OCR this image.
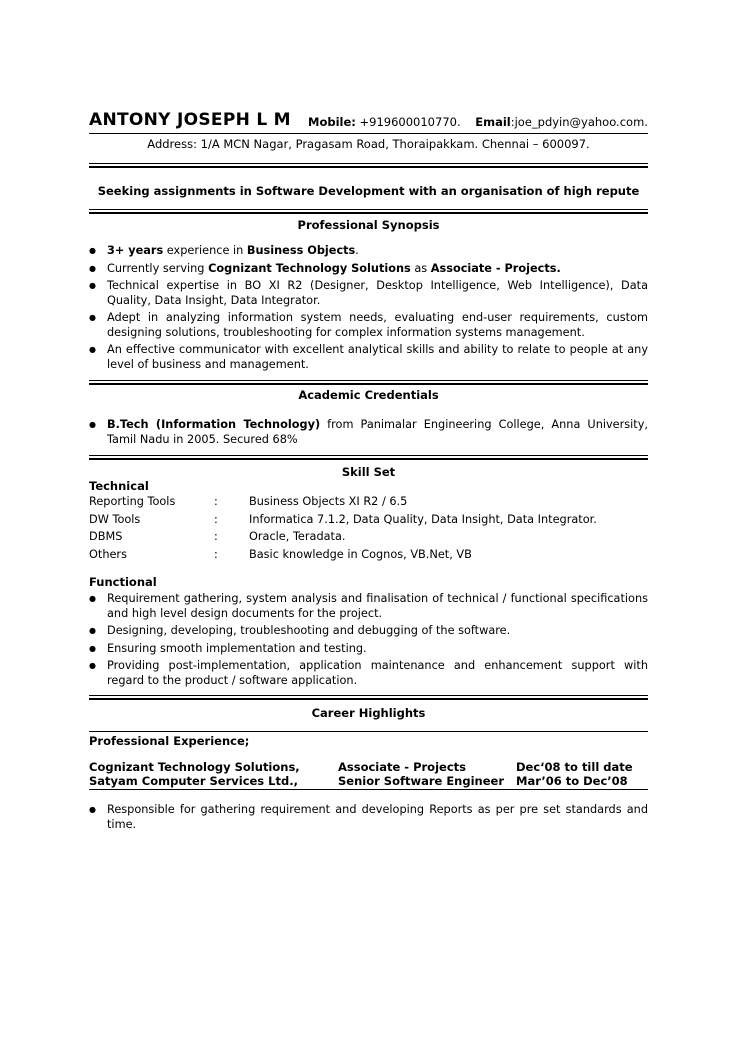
ANTONY JOSEPH L M Mobile: +919600010770. Email:joe_pdyin@yahoo.com.
Address: 1/A MCN Nagar, Pragasam Road, Thoraipakkam. Chennai – 600097.
Seeking assignments in Software Development with an organisation of high repute
Professional Synopsis
● 3+ years experience in Business Objects.
● Currently serving Cognizant Technology Solutions as Associate - Projects.
● Technical expertise in BO XI R2 (Designer, Desktop Intelligence, Web Intelligence), Data Quality, Data Insight, Data Integrator.
● Adept in analyzing information system needs, evaluating end-user requirements, custom designing solutions, troubleshooting for complex information systems management.
● An effective communicator with excellent analytical skills and ability to relate to people at any level of business and management.
Academic Credentials
● B.Tech (Information Technology) from Panimalar Engineering College, Anna University, Tamil Nadu in 2005. Secured 68%
Skill Set
Technical
Reporting Tools	:	Business Objects XI R2 / 6.5
DW Tools	:	Informatica 7.1.2, Data Quality, Data Insight, Data Integrator.
DBMS	:	Oracle, Teradata.
Others	:	Basic knowledge in Cognos, VB.Net, VB
Functional
● Requirement gathering, system analysis and finalisation of technical / functional specifications and high level design documents for the project.
● Designing, developing, troubleshooting and debugging of the software.
● Ensuring smooth implementation and testing.
● Providing post-implementation, application maintenance and enhancement support with regard to the product / software application.
Career Highlights
Professional Experience;
Cognizant Technology Solutions,	Associate - Projects	Dec‘08 to till date
Satyam Computer Services Ltd.,	Senior Software Engineer	Mar’06 to Dec’08
● Responsible for gathering requirement and developing Reports as per pre set standards and time.
